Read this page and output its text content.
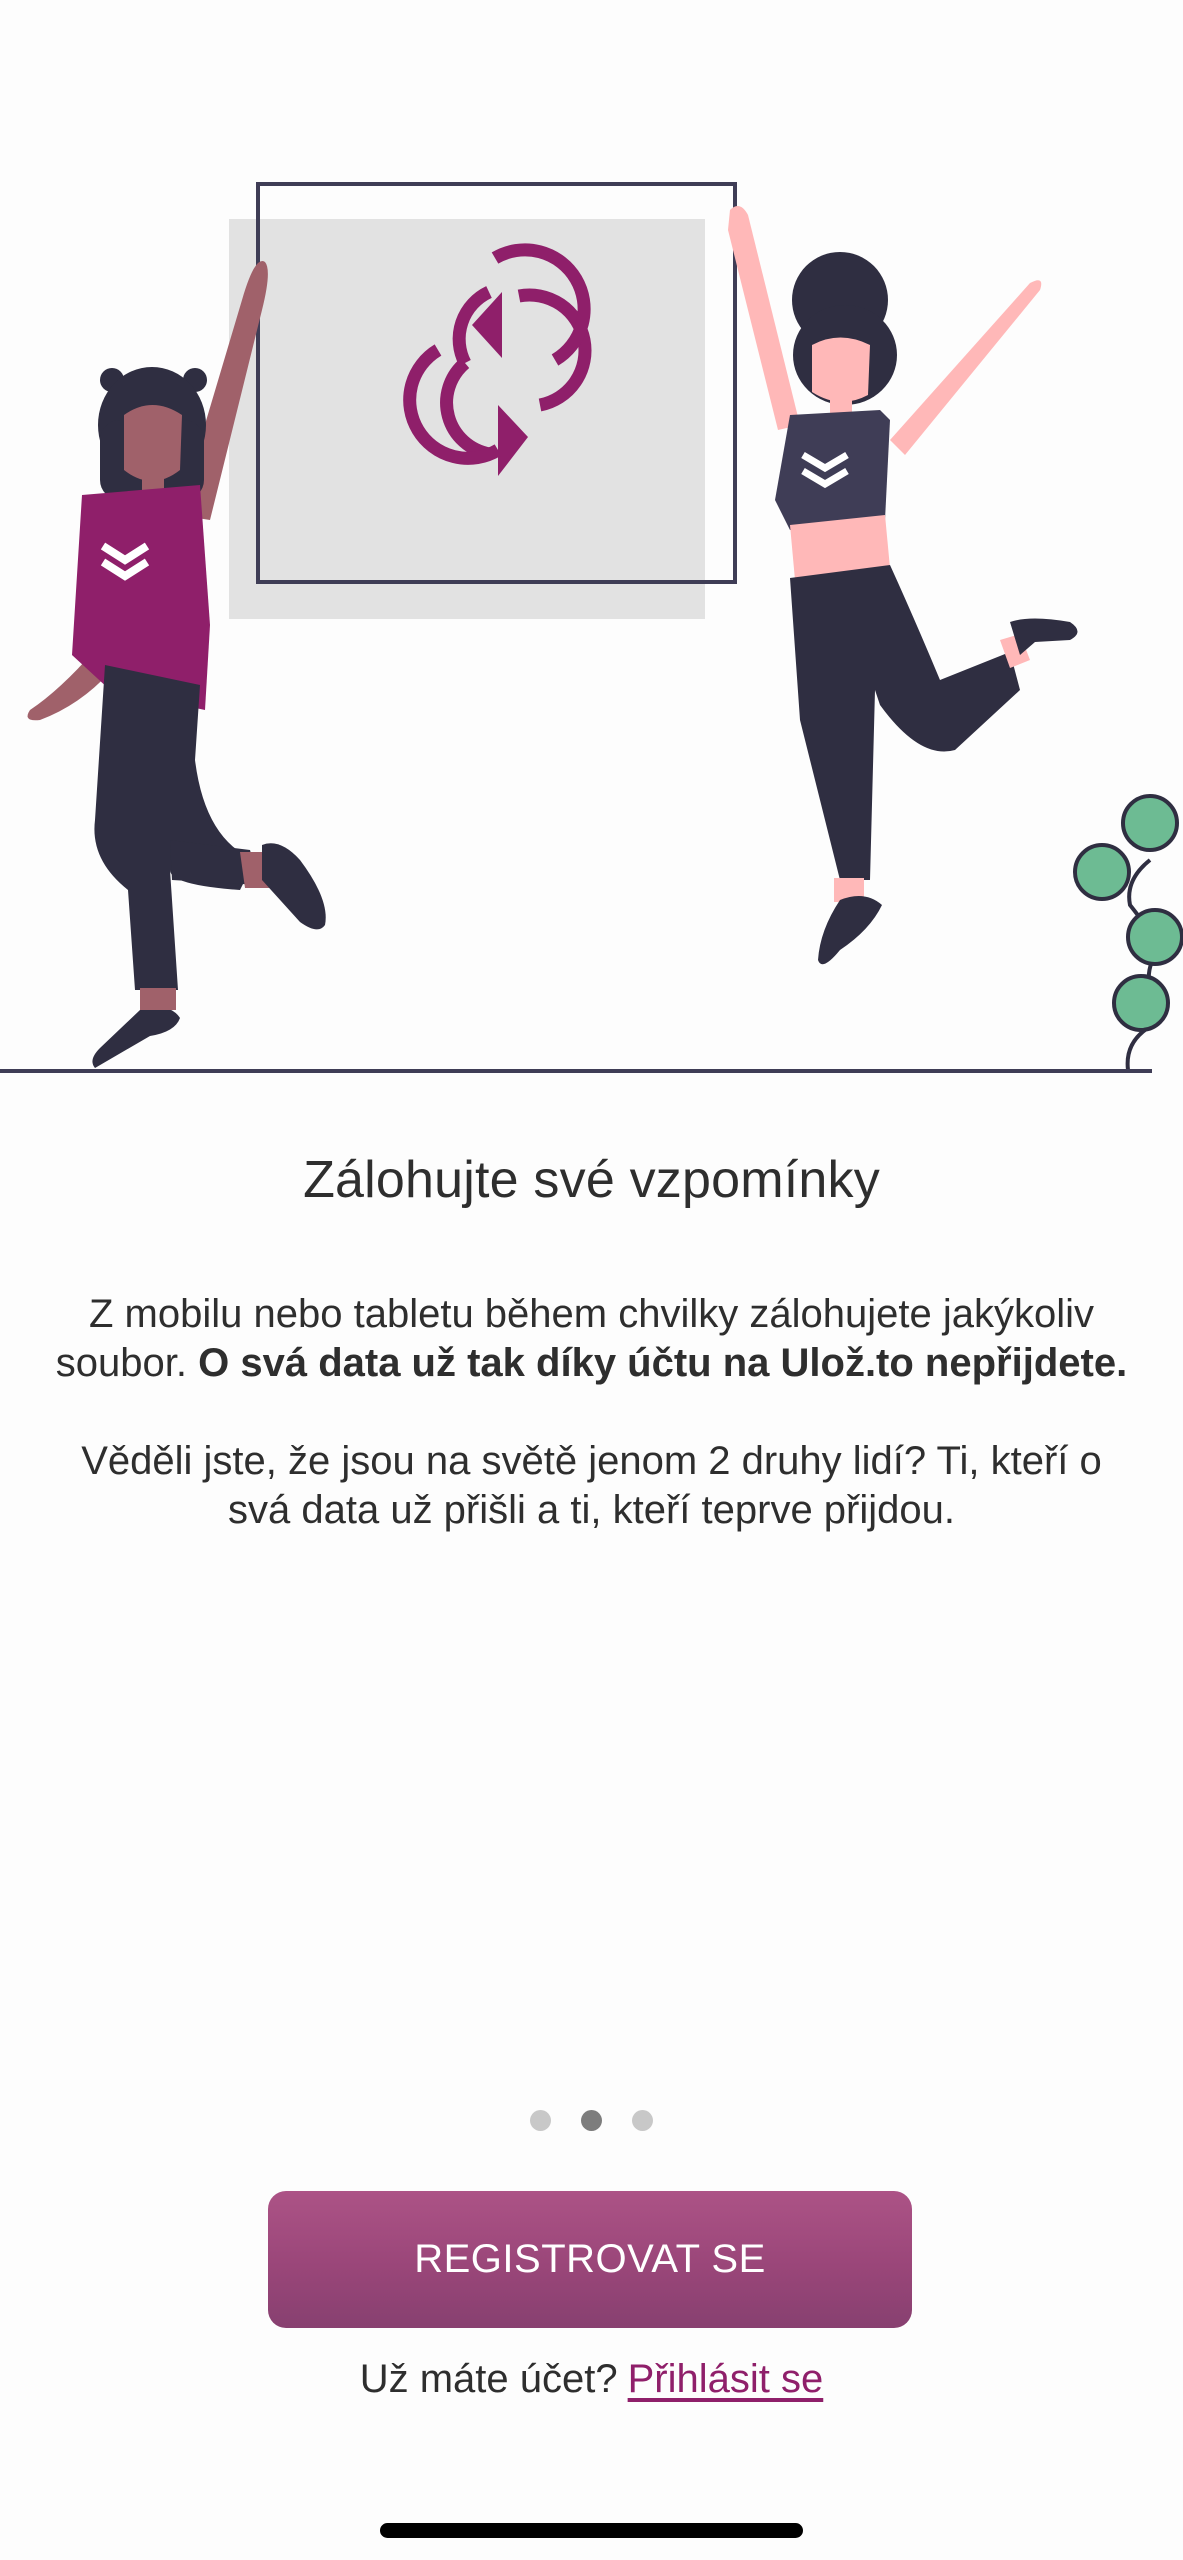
Zálohujte své vzpomínky

Z mobilu nebo tabletu během chvilky zálohujete jakýkoliv soubor. O svá data už tak díky účtu na Ulož.to nepřijdete.

Věděli jste, že jsou na světě jenom 2 druhy lidí? Ti, kteří o svá data už přišli a ti, kteří teprve přijdou.

REGISTROVAT SE
Už máte účet? Přihlásit se
